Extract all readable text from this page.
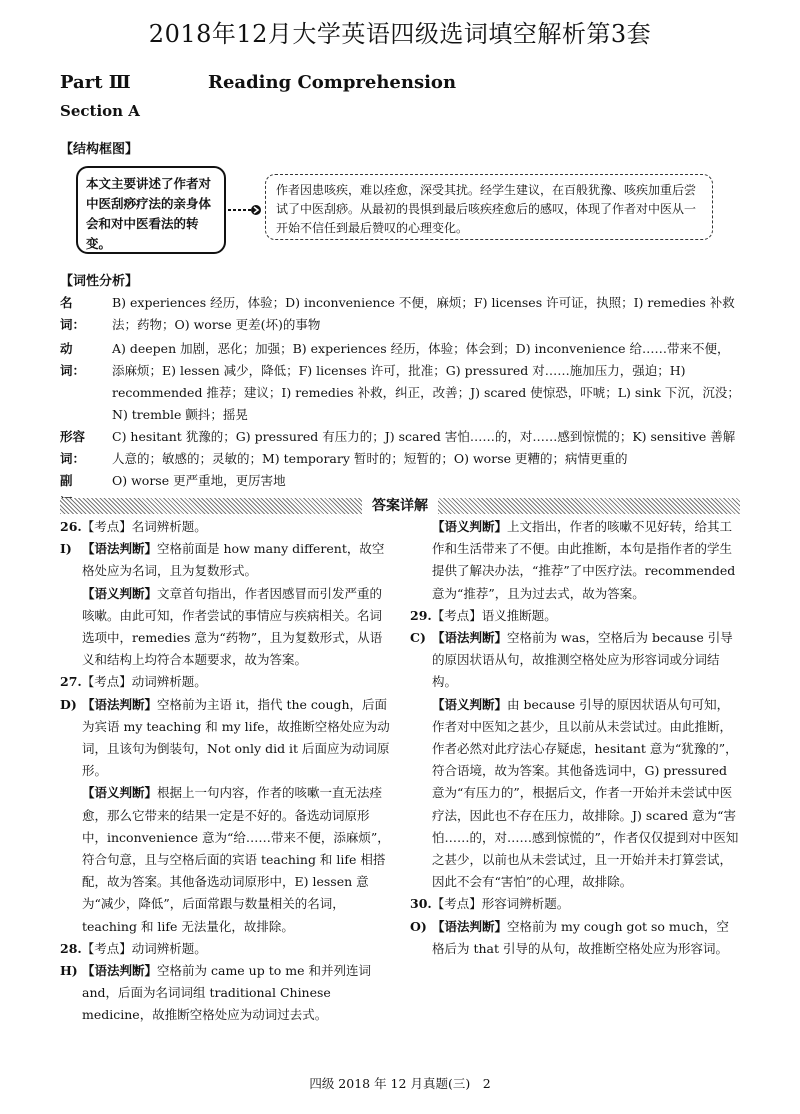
2018年12月大学英语四级选词填空解析第3套
Part Ⅲ	Reading Comprehension
Section A
【结构框图】
本文主要讲述了作者对中医刮痧疗法的亲身体会和对中医看法的转变。
作者因患咳疾，难以痊愈，深受其扰。经学生建议，在百般犹豫、咳疾加重后尝试了中医刮痧。从最初的畏惧到最后咳疾痊愈后的感叹，体现了作者对中医从一开始不信任到最后赞叹的心理变化。
【词性分析】
名　词：
B) experiences 经历，体验；D) inconvenience 不便，麻烦；F) licenses 许可证，执照；I) remedies 补救法；药物；O) worse 更差(坏)的事物
动　词：
A) deepen 加剧，恶化；加强；B) experiences 经历，体验；体会到；D) inconvenience 给……带来不便，添麻烦；E) lessen 减少，降低；F) licenses 许可，批准；G) pressured 对……施加压力，强迫；H) recommended 推荐；建议；I) remedies 补救，纠正，改善；J) scared 使惊恐，吓唬；L) sink 下沉，沉没；N) tremble 颤抖；摇晃
形容词：
C) hesitant 犹豫的；G) pressured 有压力的；J) scared 害怕……的，对……感到惊慌的；K) sensitive 善解人意的；敏感的；灵敏的；M) temporary 暂时的；短暂的；O) worse 更糟的；病情更重的
副　	O) worse 更严重地，更厉害地
答案详解
26.【考点】名词辨析题。
I) 【语法判断】空格前面是 how many different，故空格处应为名词，且为复数形式。
【语义判断】文章首句指出，作者因感冒而引发严重的咳嗽。由此可知，作者尝试的事情应与疾病相关。名词选项中，remedies 意为“药物”，且为复数形式，从语义和结构上均符合本题要求，故为答案。
27.【考点】动词辨析题。
D) 【语法判断】空格前为主语 it，指代 the cough，后面为宾语 my teaching 和 my life，故推断空格处应为动词，且该句为倒装句，Not only did it 后面应为动词原形。
【语义判断】根据上一句内容，作者的咳嗽一直无法痊愈，那么它带来的结果一定是不好的。备选动词原形中，inconvenience 意为“给……带来不便，添麻烦”，符合句意，且与空格后面的宾语 teaching 和 life 相搭配，故为答案。其他备选动词原形中，E) lessen 意为“减少，降低”，后面常跟与数量相关的名词，teaching 和 life 无法量化，故排除。
28.【考点】动词辨析题。
H) 【语法判断】空格前为 came up to me 和并列连词 and，后面为名词词组 traditional Chinese medicine，故推断空格处应为动词过去式。
【语义判断】上文指出，作者的咳嗽不见好转，给其工作和生活带来了不便。由此推断，本句是指作者的学生提供了解决办法，“推荐”了中医疗法。recommended 意为“推荐”，且为过去式，故为答案。
29.【考点】语义推断题。
C) 【语法判断】空格前为 was，空格后为 because 引导的原因状语从句，故推测空格处应为形容词或分词结构。
【语义判断】由 because 引导的原因状语从句可知，作者对中医知之甚少，且以前从未尝试过。由此推断，作者必然对此疗法心存疑虑，hesitant 意为“犹豫的”，符合语境，故为答案。其他备选词中，G) pressured 意为“有压力的”，根据后文，作者一开始并未尝试中医疗法，因此也不存在压力，故排除。J) scared 意为“害怕……的，对……感到惊慌的”，作者仅仅提到对中医知之甚少，以前也从未尝试过，且一开始并未打算尝试，因此不会有“害怕”的心理，故排除。
30.【考点】形容词辨析题。
O) 【语法判断】空格前为 my cough got so much，空格后为 that 引导的从句，故推断空格处应为形容词。
四级 2018 年 12 月真题(三)　2
